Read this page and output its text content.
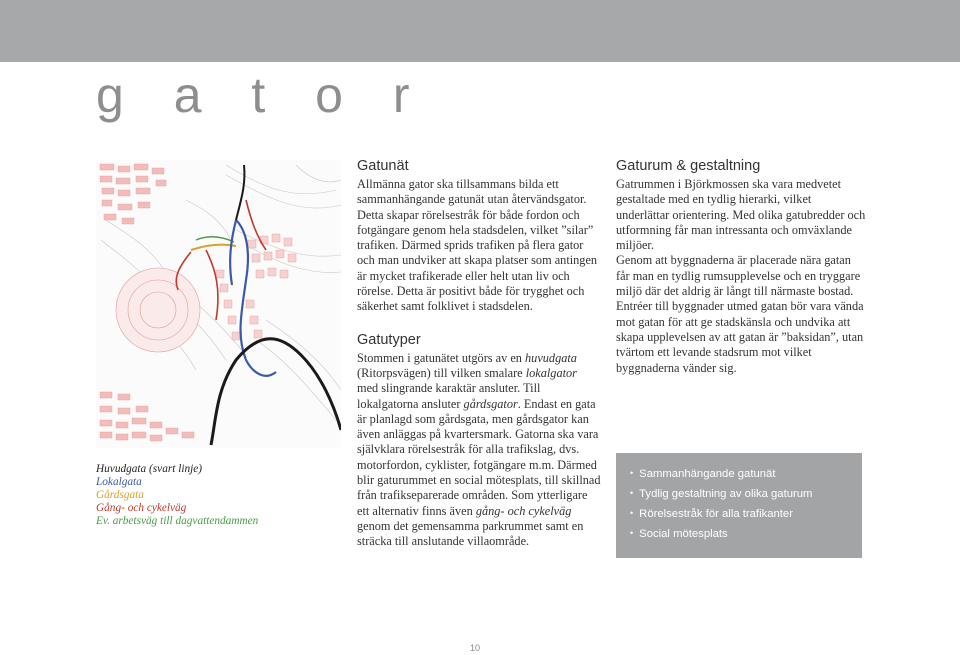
g a t o r
Huvudgata (svart linje)
Lokalgata
Gårdsgata
Gång- och cykelväg
Ev. arbetsväg till dagvattendammen
Gatunät

Allmänna gator ska tillsammans bilda ett sammanhängande gatunät utan återvändsgator. Detta skapar rörelsestråk för både fordon och fotgängare genom hela stadsdelen, vilket ”silar” trafiken. Därmed sprids trafiken på flera gator och man undviker att skapa platser som antingen är mycket trafikerade eller helt utan liv och rörelse. Detta är positivt både för trygghet och säkerhet samt folklivet i stadsdelen.

Gatutyper

Stommen i gatunätet utgörs av en huvudgata (Ritorpsvägen) till vilken smalare lokalgator med slingrande karaktär ansluter. Till lokalgatorna ansluter gårdsgator. Endast en gata är planlagd som gårdsgata, men gårdsgator kan även anläggas på kvartersmark. Gatorna ska vara självklara rörelsestråk för alla trafikslag, dvs. motorfordon, cyklister, fotgängare m.m. Därmed blir gaturummet en social mötesplats, till skillnad från trafikseparerade områden. Som ytterligare ett alternativ finns även gång- och cykelväg genom det gemensamma parkrummet samt en sträcka till anslutande villaområde.

Gaturum & gestaltning

Gatrummen i Björkmossen ska vara medvetet gestaltade med en tydlig hierarki, vilket underlättar orientering. Med olika gatubredder och utformning får man intressanta och omväxlande miljöer.

Genom att byggnaderna är placerade nära gatan får man en tydlig rumsupplevelse och en tryggare miljö där det aldrig är långt till närmaste bostad.

Entréer till byggnader utmed gatan bör vara vända mot gatan för att ge stadskänsla och undvika att skapa upplevelsen av att gatan är ”baksidan”, utan tvärtom ett levande stadsrum mot vilket byggnaderna vänder sig.

• Sammanhängande gatunät
• Tydlig gestaltning av olika gaturum
• Rörelsestråk för alla trafikanter
• Social mötesplats
10
